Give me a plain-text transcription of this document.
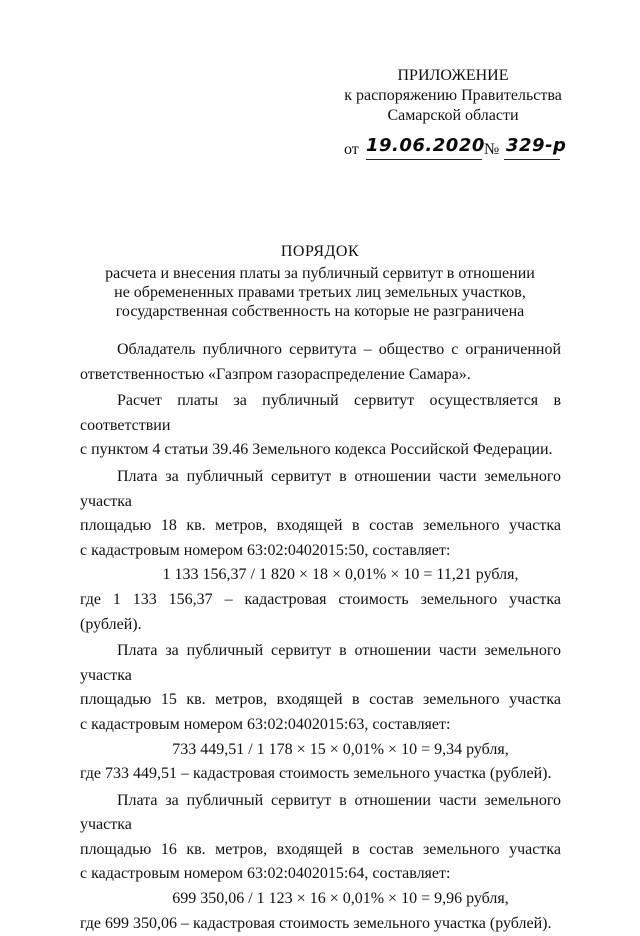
ПРИЛОЖЕНИЕ
к распоряжению Правительства
Самарской области
от 19.06.2020 № 329-р
ПОРЯДОК
расчета и внесения платы за публичный сервитут в отношении
не обремененных правами третьих лиц земельных участков,
государственная собственность на которые не разграничена
Обладатель публичного сервитута – общество с ограниченной
ответственностью «Газпром газораспределение Самара».
Расчет платы за публичный сервитут осуществляется в соответствии
с пунктом 4 статьи 39.46 Земельного кодекса Российской Федерации.
Плата за публичный сервитут в отношении части земельного участка
площадью 18 кв. метров, входящей в состав земельного участка
с кадастровым номером 63:02:0402015:50, составляет:
1 133 156,37 / 1 820 × 18 × 0,01% × 10 = 11,21 рубля,
где 1 133 156,37 – кадастровая стоимость земельного участка (рублей).
Плата за публичный сервитут в отношении части земельного участка
площадью 15 кв. метров, входящей в состав земельного участка
с кадастровым номером 63:02:0402015:63, составляет:
733 449,51 / 1 178 × 15 × 0,01% × 10 = 9,34 рубля,
где 733 449,51 – кадастровая стоимость земельного участка (рублей).
Плата за публичный сервитут в отношении части земельного участка
площадью 16 кв. метров, входящей в состав земельного участка
с кадастровым номером 63:02:0402015:64, составляет:
699 350,06 / 1 123 × 16 × 0,01% × 10 = 9,96 рубля,
где 699 350,06 – кадастровая стоимость земельного участка (рублей).
